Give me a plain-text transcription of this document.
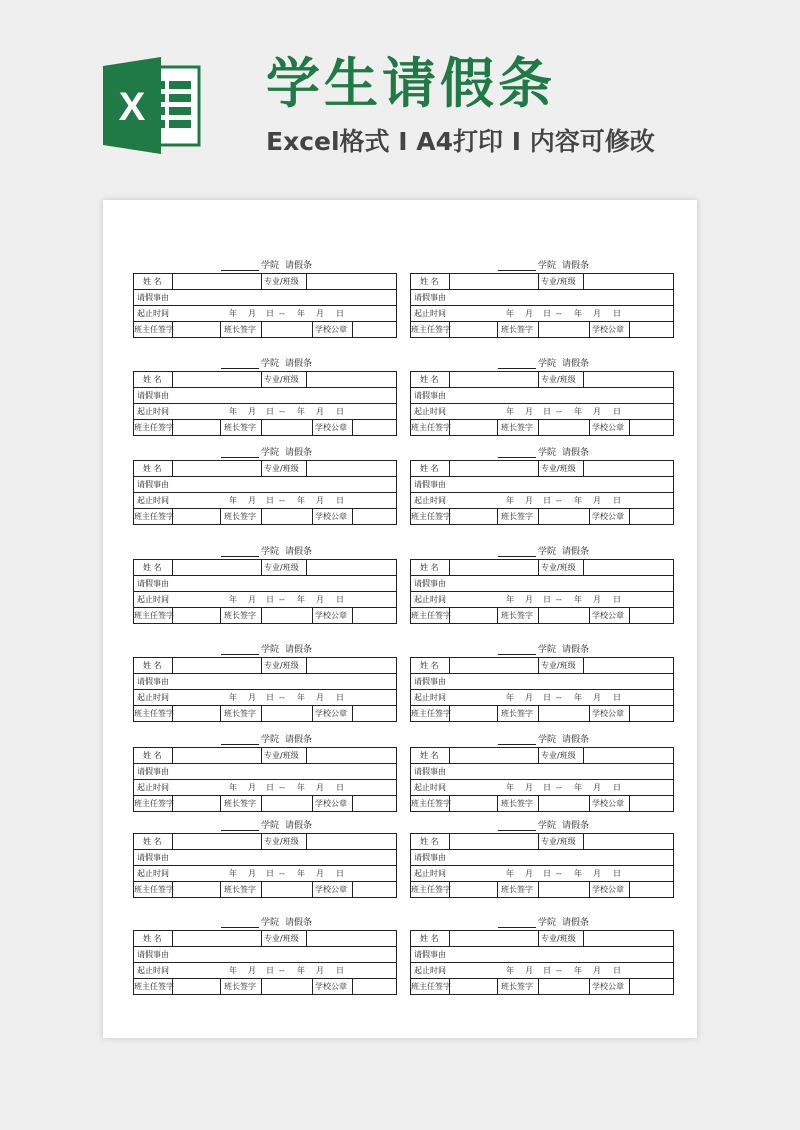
X 学生请假条

Excel格式 I A4打印 I 内容可修改

学院 请假条
姓 名	专业/班级
请假事由
起止时间	年 月 日 -- 年 月 日
班主任签字	班长签字	学校公章
学院 请假条
姓 名	专业/班级
请假事由
起止时间	年 月 日 -- 年 月 日
班主任签字	班长签字	学校公章
学院 请假条
姓 名	专业/班级
请假事由
起止时间	年 月 日 -- 年 月 日
班主任签字	班长签字	学校公章
学院 请假条
姓 名	专业/班级
请假事由
起止时间	年 月 日 -- 年 月 日
班主任签字	班长签字	学校公章
学院 请假条
姓 名	专业/班级
请假事由
起止时间	年 月 日 -- 年 月 日
班主任签字	班长签字	学校公章
学院 请假条
姓 名	专业/班级
请假事由
起止时间	年 月 日 -- 年 月 日
班主任签字	班长签字	学校公章
学院 请假条
姓 名	专业/班级
请假事由
起止时间	年 月 日 -- 年 月 日
班主任签字	班长签字	学校公章
学院 请假条
姓 名	专业/班级
请假事由
起止时间	年 月 日 -- 年 月 日
班主任签字	班长签字	学校公章
学院 请假条
姓 名	专业/班级
请假事由
起止时间	年 月 日 -- 年 月 日
班主任签字	班长签字	学校公章
学院 请假条
姓 名	专业/班级
请假事由
起止时间	年 月 日 -- 年 月 日
班主任签字	班长签字	学校公章
学院 请假条
姓 名	专业/班级
请假事由
起止时间	年 月 日 -- 年 月 日
班主任签字	班长签字	学校公章
学院 请假条
姓 名	专业/班级
请假事由
起止时间	年 月 日 -- 年 月 日
班主任签字	班长签字	学校公章
学院 请假条
姓 名	专业/班级
请假事由
起止时间	年 月 日 -- 年 月 日
班主任签字	班长签字	学校公章
学院 请假条
姓 名	专业/班级
请假事由
起止时间	年 月 日 -- 年 月 日
班主任签字	班长签字	学校公章
学院 请假条
姓 名	专业/班级
请假事由
起止时间	年 月 日 -- 年 月 日
班主任签字	班长签字	学校公章
学院 请假条
姓 名	专业/班级
请假事由
起止时间	年 月 日 -- 年 月 日
班主任签字	班长签字	学校公章
